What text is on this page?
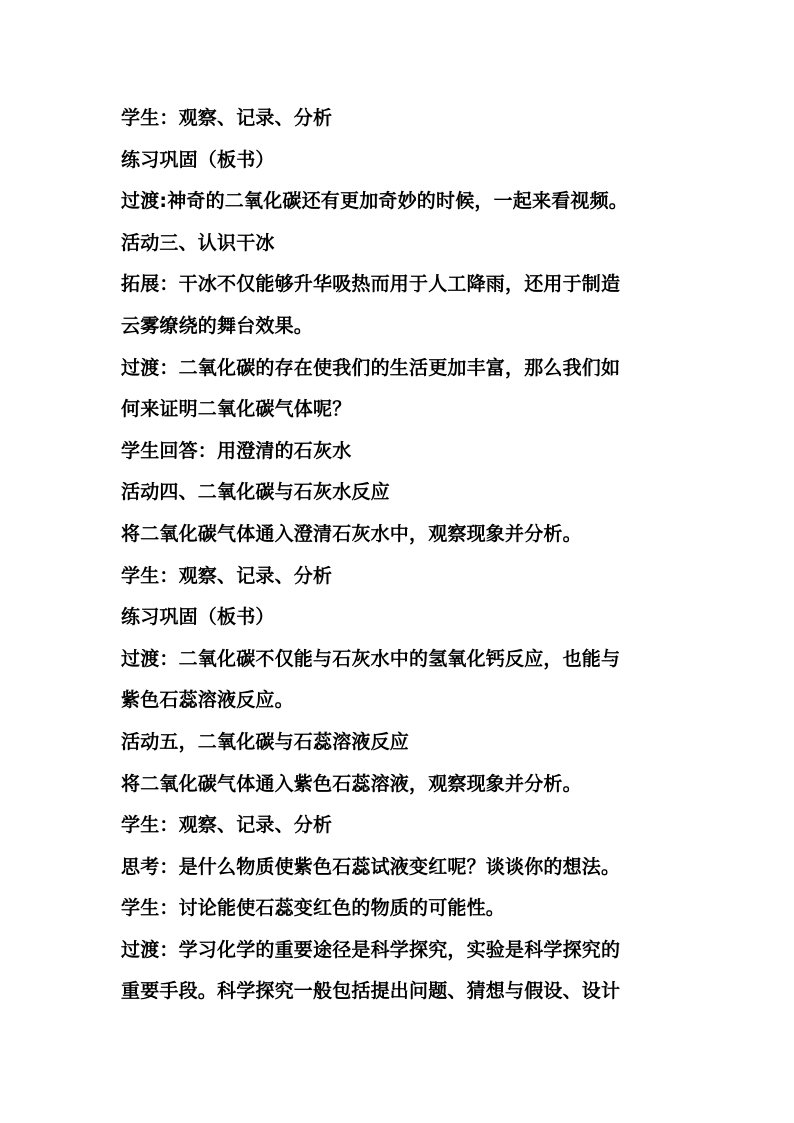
学生：观察、记录、分析
练习巩固（板书）
过渡:神奇的二氧化碳还有更加奇妙的时候，一起来看视频。
活动三、认识干冰
拓展：干冰不仅能够升华吸热而用于人工降雨，还用于制造
云雾缭绕的舞台效果。
过渡：二氧化碳的存在使我们的生活更加丰富，那么我们如
何来证明二氧化碳气体呢？
学生回答：用澄清的石灰水
活动四、二氧化碳与石灰水反应
将二氧化碳气体通入澄清石灰水中，观察现象并分析。
学生：观察、记录、分析
练习巩固（板书）
过渡：二氧化碳不仅能与石灰水中的氢氧化钙反应，也能与
紫色石蕊溶液反应。
活动五，二氧化碳与石蕊溶液反应
将二氧化碳气体通入紫色石蕊溶液，观察现象并分析。
学生：观察、记录、分析
思考：是什么物质使紫色石蕊试液变红呢？谈谈你的想法。
学生：讨论能使石蕊变红色的物质的可能性。
过渡：学习化学的重要途径是科学探究，实验是科学探究的
重要手段。科学探究一般包括提出问题、猜想与假设、设计
